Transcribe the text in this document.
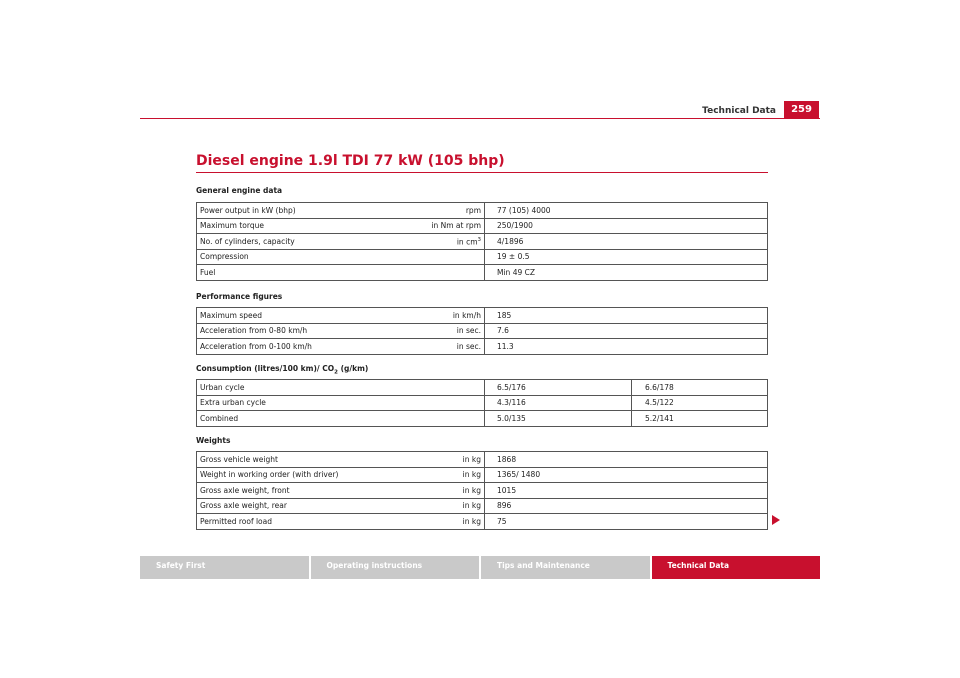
Technical Data	259
Diesel engine 1.9l TDI 77 kW (105 bhp)
General engine data
Power output in kW (bhp) rpm	77 (105) 4000

Maximum torque in Nm at rpm	250/1900

No. of cylinders, capacity in $cm^3$	4/1896

Compression	19 ± 0.5

Fuel	Min 49 CZ
Performance figures
Maximum speed in km/h	185

Acceleration from 0-80 km/h in sec.	7.6

Acceleration from 0-100 km/h in sec.	11.3
Consumption (litres/100 km)/ $CO_2$ (g/km)
Urban cycle	6.5/176	6.6/178

Extra urban cycle	4.3/116	4.5/122

Combined	5.0/135	5.2/141
Weights
Gross vehicle weight in kg	1868

Weight in working order (with driver) in kg	1365/ 1480

Gross axle weight, front in kg	1015

Gross axle weight, rear in kg	896

Permitted roof load in kg	75
Safety First	Operating instructions	Tips and Maintenance	Technical Data
